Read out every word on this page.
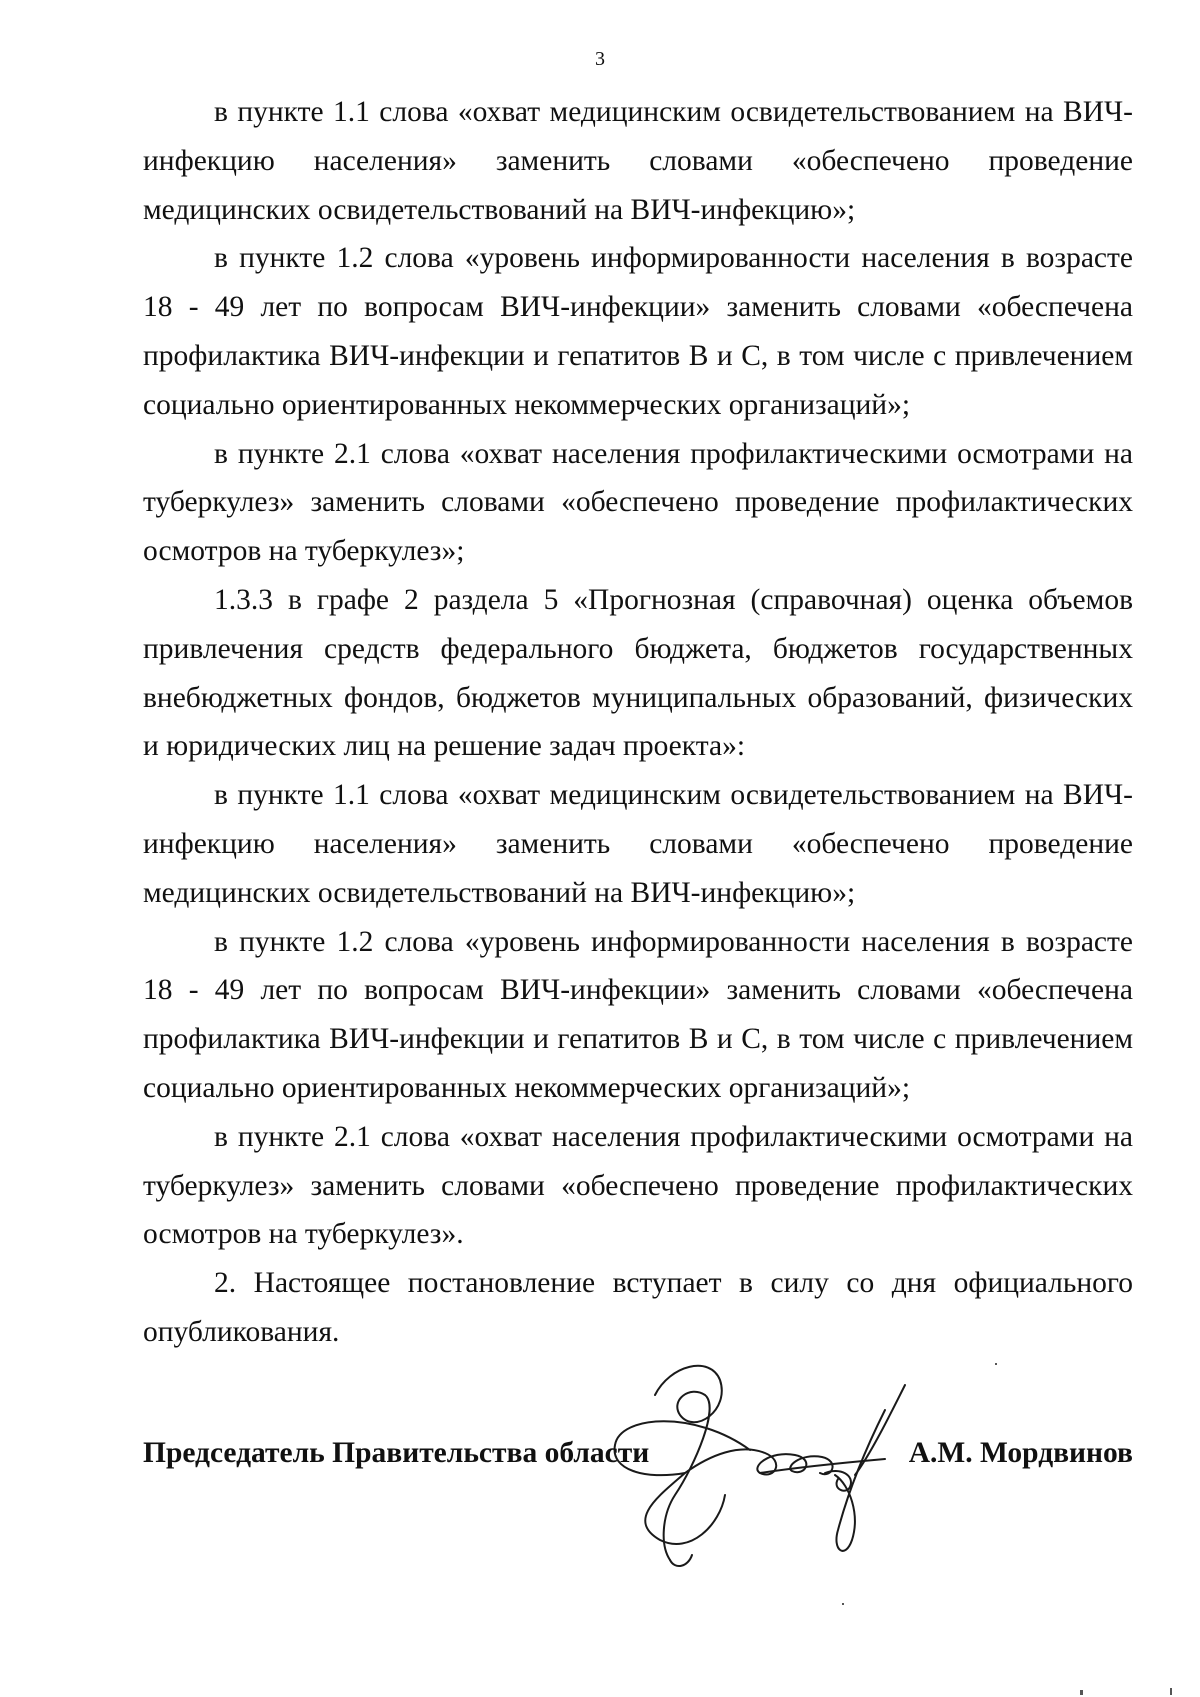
3

в пункте 1.1 слова «охват медицинским освидетельствованием на ВИЧ-инфекцию населения» заменить словами «обеспечено проведение медицинских освидетельствований на ВИЧ-инфекцию»;

в пункте 1.2 слова «уровень информированности населения в возрасте 18 - 49 лет по вопросам ВИЧ-инфекции» заменить словами «обеспечена профилактика ВИЧ-инфекции и гепатитов В и С, в том числе с привлечением социально ориентированных некоммерческих организаций»;

в пункте 2.1 слова «охват населения профилактическими осмотрами на туберкулез» заменить словами «обеспечено проведение профилактических осмотров на туберкулез»;

1.3.3 в графе 2 раздела 5 «Прогнозная (справочная) оценка объемов привлечения средств федерального бюджета, бюджетов государственных внебюджетных фондов, бюджетов муниципальных образований, физических и юридических лиц на решение задач проекта»:

в пункте 1.1 слова «охват медицинским освидетельствованием на ВИЧ-инфекцию населения» заменить словами «обеспечено проведение медицинских освидетельствований на ВИЧ-инфекцию»;

в пункте 1.2 слова «уровень информированности населения в возрасте 18 - 49 лет по вопросам ВИЧ-инфекции» заменить словами «обеспечена профилактика ВИЧ-инфекции и гепатитов В и С, в том числе с привлечением социально ориентированных некоммерческих организаций»;

в пункте 2.1 слова «охват населения профилактическими осмотрами на туберкулез» заменить словами «обеспечено проведение профилактических осмотров на туберкулез».

2. Настоящее постановление вступает в силу со дня официального опубликования.

Председатель Правительства области	А.М. Мордвинов
